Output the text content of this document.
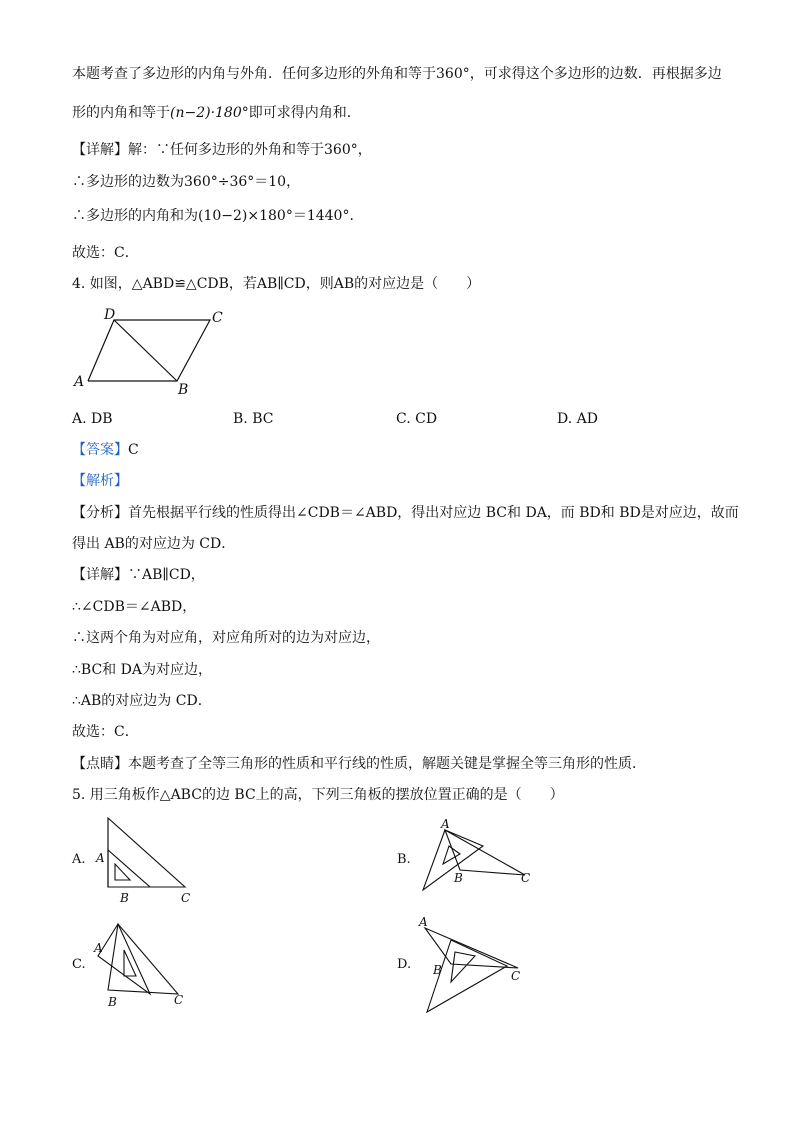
本题考查了多边形的内角与外角．任何多边形的外角和等于360°，可求得这个多边形的边数．再根据多边
形的内角和等于(n−2)·180°即可求得内角和．
【详解】解：∵任何多边形的外角和等于360°，
∴多边形的边数为360°÷36°＝10，
∴多边形的内角和为(10−2)×180°＝1440°．
故选：C．
4. 如图，△ABD≌△CDB，若AB∥CD，则AB的对应边是（　　）
D	C
A	B
A. DB	B. BC	C. CD	D. AD
【答案】C
【解析】
【分析】首先根据平行线的性质得出∠CDB＝∠ABD，得出对应边 BC和 DA，而 BD和 BD是对应边，故而
得出 AB的对应边为 CD．
【详解】∵AB∥CD，
∴∠CDB＝∠ABD，
∴这两个角为对应角，对应角所对的边为对应边，
∴BC和 DA为对应边，
∴AB的对应边为 CD．
故选：C．
【点睛】本题考查了全等三角形的性质和平行线的性质，解题关键是掌握全等三角形的性质．
5. 用三角板作△ABC的边 BC上的高，下列三角板的摆放位置正确的是（　　）
A.	B.
C.	D.
A
B	C
A
B	C
A
B	C
A
B	C
